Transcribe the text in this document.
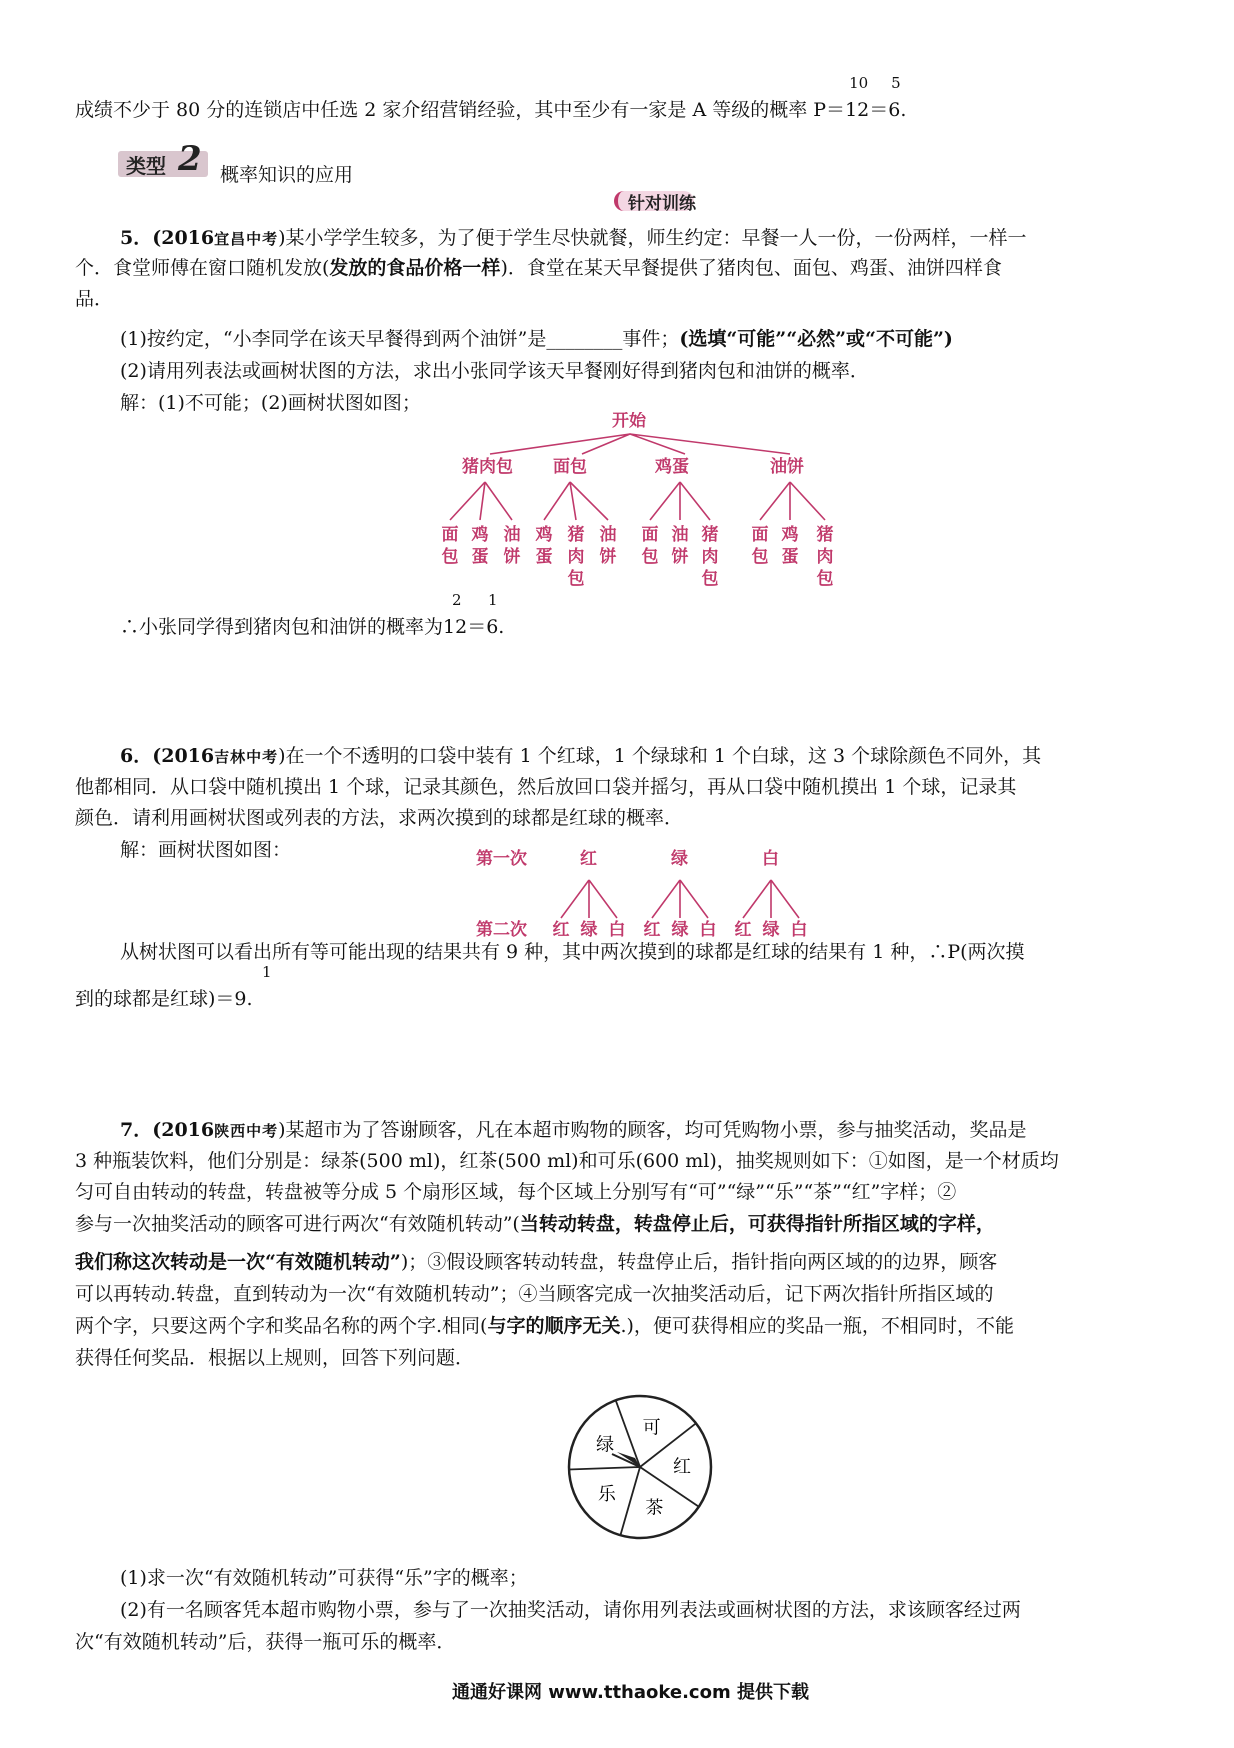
成绩不少于 80 分的连锁店中任选 2 家介绍营销经验，其中至少有一家是 A 等级的概率 P＝
10 5
12＝6.
类型 2 概率知识的应用
针对训练
5．(2016宜昌中考)某小学学生较多，为了便于学生尽快就餐，师生约定：早餐一人一份，一份两样，一样一
个．食堂师傅在窗口随机发放(发放的食品价格一样)．食堂在某天早餐提供了猪肉包、面包、鸡蛋、油饼四样食
品．
(1)按约定，“小李同学在该天早餐得到两个油饼”是________事件；(选填“可能”“必然”或“不可能”)
(2)请用列表法或画树状图的方法，求出小张同学该天早餐刚好得到猪肉包和油饼的概率．
解：(1)不可能；(2)画树状图如图；
开始
猪肉包 面包	鸡蛋	油饼
面包
鸡蛋
油饼
鸡蛋
猪肉包
油饼
面包
油饼
猪肉包
面包
鸡蛋
猪肉包
∴小张同学得到猪肉包和油饼的概率为
2 1
12＝6.
6．(2016吉林中考)在一个不透明的口袋中装有 1 个红球，1 个绿球和 1 个白球，这 3 个球除颜色不同外，其
他都相同．从口袋中随机摸出 1 个球，记录其颜色，然后放回口袋并摇匀，再从口袋中随机摸出 1 个球，记录其
颜色．请利用画树状图或列表的方法，求两次摸到的球都是红球的概率．
解：画树状图如图：	第一次	红	绿	白
第二次 红 绿 白 红 绿 白 红 绿 白
从树状图可以看出所有等可能出现的结果共有 9 种，其中两次摸到的球都是红球的结果有 1 种，∴P(两次摸
到的球都是红球)＝9.
1
7．(2016陕西中考)某超市为了答谢顾客，凡在本超市购物的顾客，均可凭购物小票，参与抽奖活动，奖品是
3 种瓶装饮料，他们分别是：绿茶(500 ml)，红茶(500 ml)和可乐(600 ml)，抽奖规则如下：①如图，是一个材质均
匀可自由转动的转盘，转盘被等分成 5 个扇形区域，每个区域上分别写有“可”“绿”“乐”“茶”“红”字样；②
参与一次抽奖活动的顾客可进行两次“有效随机转动”(当转动转盘，转盘停止后，可获得指针所指区域的字样，
我们称这次转动是一次“有效随机转动”)；③假设顾客转动转盘，转盘停止后，指针指向两区域的的边界，顾客
可以再转动.转盘，直到转动为一次“有效随机转动”；④当顾客完成一次抽奖活动后，记下两次指针所指区域的
两个字，只要这两个字和奖品名称的两个字.相同(与字的顺序无关.)，便可获得相应的奖品一瓶，不相同时，不能
获得任何奖品．根据以上规则，回答下列问题．
可
红
茶
乐
绿
(1)求一次“有效随机转动”可获得“乐”字的概率；
(2)有一名顾客凭本超市购物小票，参与了一次抽奖活动，请你用列表法或画树状图的方法，求该顾客经过两
次“有效随机转动”后，获得一瓶可乐的概率．
通通好课网 www.tthaoke.com 提供下载
